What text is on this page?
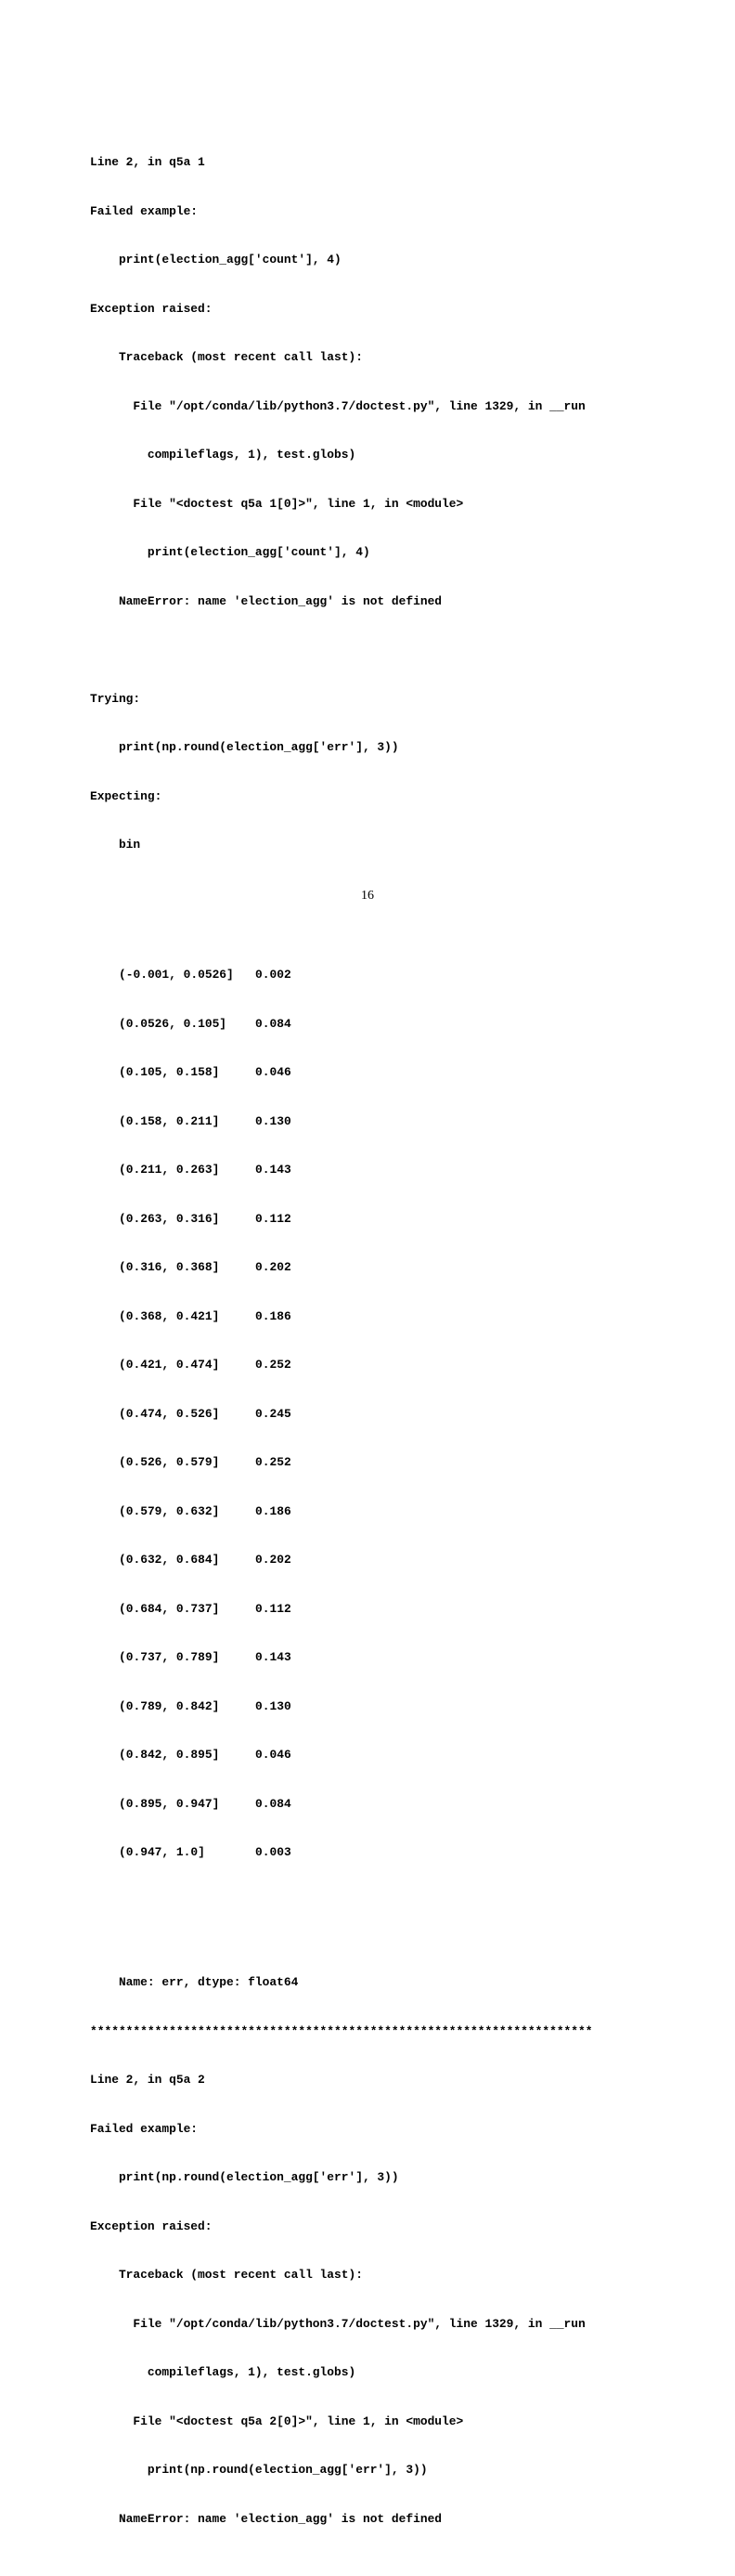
Line 2, in q5a 1

Failed example:

print(election_agg['count'], 4)

Exception raised:

Traceback (most recent call last):

File "/opt/conda/lib/python3.7/doctest.py", line 1329, in __run

compileflags, 1), test.globs)

File "<doctest q5a 1[0]>", line 1, in <module>

print(election_agg['count'], 4)

NameError: name 'election_agg' is not defined

Trying:

print(np.round(election_agg['err'], 3))

Expecting:

bin

(-0.001, 0.0526] 0.002

(0.0526, 0.105] 0.084

(0.105, 0.158]	0.046

(0.158, 0.211]	0.130

(0.211, 0.263]	0.143

(0.263, 0.316]	0.112

(0.316, 0.368]	0.202

(0.368, 0.421]	0.186

(0.421, 0.474]	0.252

(0.474, 0.526]	0.245

(0.526, 0.579]	0.252

(0.579, 0.632]	0.186

(0.632, 0.684]	0.202

(0.684, 0.737]	0.112

(0.737, 0.789]	0.143

(0.789, 0.842]	0.130

(0.842, 0.895]	0.046

(0.895, 0.947]	0.084

(0.947, 1.0]	0.003

Name: err, dtype: float64

**********************************************************************

Line 2, in q5a 2

Failed example:

print(np.round(election_agg['err'], 3))

Exception raised:

Traceback (most recent call last):

File "/opt/conda/lib/python3.7/doctest.py", line 1329, in __run

compileflags, 1), test.globs)

File "<doctest q5a 2[0]>", line 1, in <module>

print(np.round(election_agg['err'], 3))

NameError: name 'election_agg' is not defined

16
